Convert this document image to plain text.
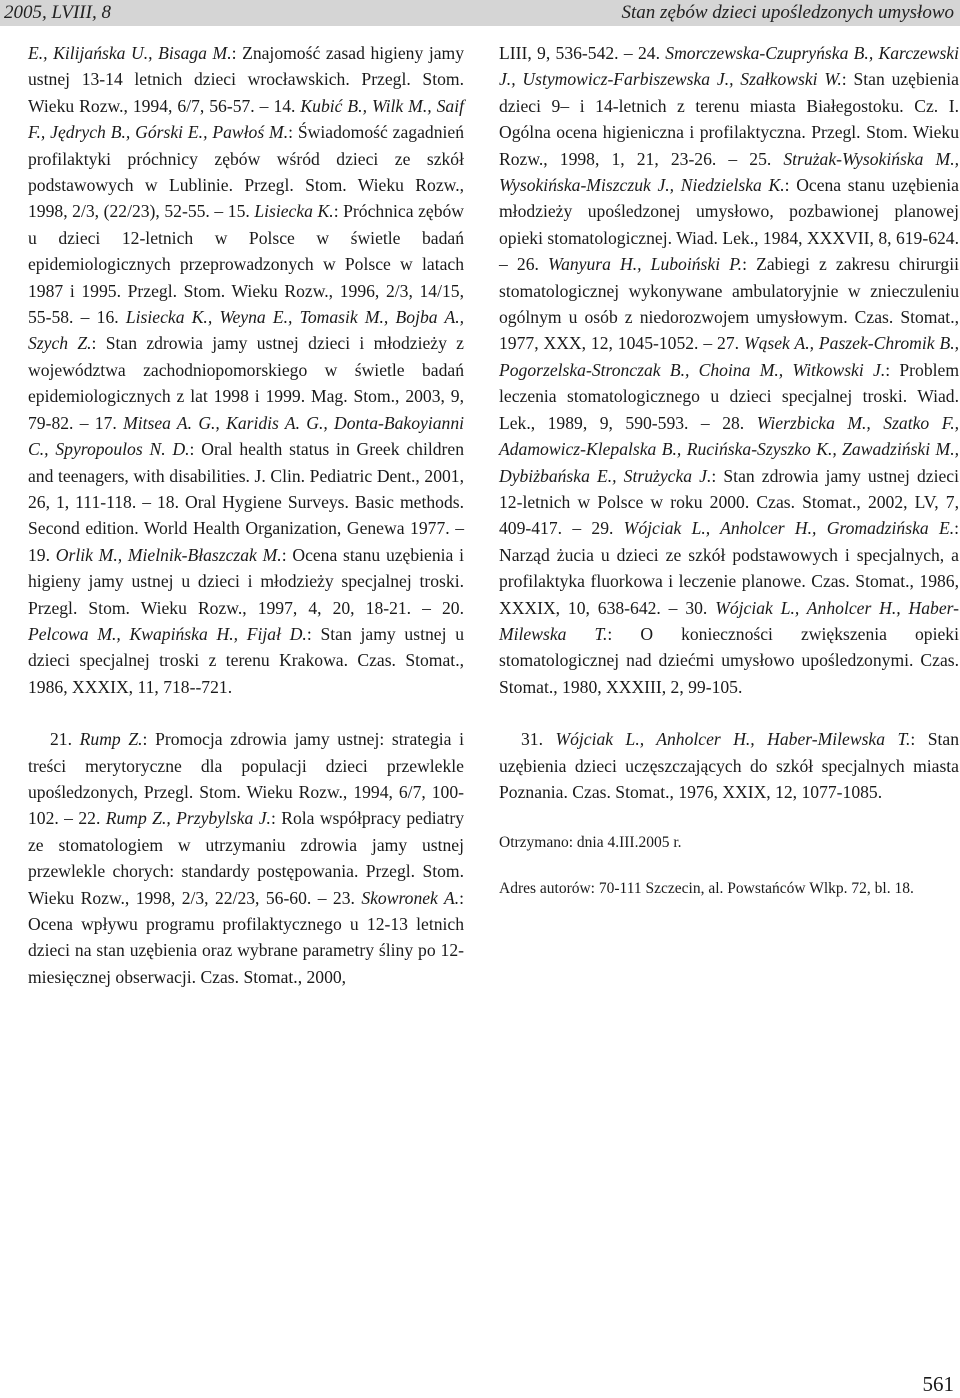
2005, LVIII, 8	Stan zębów dzieci upośledzonych umysłowo

E., Kilijańska U., Bisaga M.: Znajomość zasad higieny jamy ustnej 13-14 letnich dzieci wrocławskich. Przegl. Stom. Wieku Rozw., 1994, 6/7, 56-57. – 14. Kubić B., Wilk M., Saif F., Jędrych B., Górski E., Pawłoś M.: Świadomość zagadnień profilaktyki próchnicy zębów wśród dzieci ze szkół podstawowych w Lublinie. Przegl. Stom. Wieku Rozw., 1998, 2/3, (22/23), 52-55. – 15. Lisiecka K.: Próchnica zębów u dzieci 12-letnich w Polsce w świetle badań epidemiologicznych przeprowadzonych w Polsce w latach 1987 i 1995. Przegl. Stom. Wieku Rozw., 1996, 2/3, 14/15, 55-58. – 16. Lisiecka K., Weyna E., Tomasik M., Bojba A., Szych Z.: Stan zdrowia jamy ustnej dzieci i młodzieży z województwa zachodniopomorskiego w świetle badań epidemiologicznych z lat 1998 i 1999. Mag. Stom., 2003, 9, 79-82. – 17. Mitsea A. G., Karidis A. G., Donta-Bakoyianni C., Spyropoulos N. D.: Oral health status in Greek children and teenagers, with disabilities. J. Clin. Pediatric Dent., 2001, 26, 1, 111-118. – 18. Oral Hygiene Surveys. Basic methods. Second edition. World Health Organization, Genewa 1977. – 19. Orlik M., Mielnik-Błaszczak M.: Ocena stanu uzębienia i higieny jamy ustnej u dzieci i młodzieży specjalnej troski. Przegl. Stom. Wieku Rozw., 1997, 4, 20, 18-21. – 20. Pelcowa M., Kwapińska H., Fijał D.: Stan jamy ustnej u dzieci specjalnej troski z terenu Krakowa. Czas. Stomat., 1986, XXXIX, 11, 718--721.

21. Rump Z.: Promocja zdrowia jamy ustnej: strategia i treści merytoryczne dla populacji dzieci przewlekle upośledzonych, Przegl. Stom. Wieku Rozw., 1994, 6/7, 100-102. – 22. Rump Z., Przybylska J.: Rola współpracy pediatry ze stomatologiem w utrzymaniu zdrowia jamy ustnej przewlekle chorych: standardy postępowania. Przegl. Stom. Wieku Rozw., 1998, 2/3, 22/23, 56-60. – 23. Skowronek A.: Ocena wpływu programu profilaktycznego u 12-13 letnich dzieci na stan uzębienia oraz wybrane parametry śliny po 12-miesięcznej obserwacji. Czas. Stomat., 2000,

LIII, 9, 536-542. – 24. Smorczewska-Czupryńska B., Karczewski J., Ustymowicz-Farbiszewska J., Szałkowski W.: Stan uzębienia dzieci 9– i 14-letnich z terenu miasta Białegostoku. Cz. I. Ogólna ocena higieniczna i profilaktyczna. Przegl. Stom. Wieku Rozw., 1998, 1, 21, 23-26. – 25. Strużak-Wysokińska M., Wysokińska-Miszczuk J., Niedzielska K.: Ocena stanu uzębienia młodzieży upośledzonej umysłowo, pozbawionej planowej opieki stomatologicznej. Wiad. Lek., 1984, XXXVII, 8, 619-624. – 26. Wanyura H., Luboiński P.: Zabiegi z zakresu chirurgii stomatologicznej wykonywane ambulatoryjnie w znieczuleniu ogólnym u osób z niedorozwojem umysłowym. Czas. Stomat., 1977, XXX, 12, 1045-1052. – 27. Wąsek A., Paszek-Chromik B., Pogorzelska-Stronczak B., Choina M., Witkowski J.: Problem leczenia stomatologicznego u dzieci specjalnej troski. Wiad. Lek., 1989, 9, 590-593. – 28. Wierzbicka M., Szatko F., Adamowicz-Klepalska B., Rucińska-Szyszko K., Zawadziński M., Dybiżbańska E., Strużycka J.: Stan zdrowia jamy ustnej dzieci 12-letnich w Polsce w roku 2000. Czas. Stomat., 2002, LV, 7, 409-417. – 29. Wójciak L., Anholcer H., Gromadzińska E.: Narząd żucia u dzieci ze szkół podstawowych i specjalnych, a profilaktyka fluorkowa i leczenie planowe. Czas. Stomat., 1986, XXXIX, 10, 638-642. – 30. Wójciak L., Anholcer H., Haber-Milewska T.: O konieczności zwiększenia opieki stomatologicznej nad dziećmi umysłowo upośledzonymi. Czas. Stomat., 1980, XXXIII, 2, 99-105.

31. Wójciak L., Anholcer H., Haber-Milewska T.: Stan uzębienia dzieci uczęszczających do szkół specjalnych miasta Poznania. Czas. Stomat., 1976, XXIX, 12, 1077-1085.

Otrzymano: dnia 4.III.2005 r.

Adres autorów: 70-111 Szczecin, al. Powstańców Wlkp. 72, bl. 18.

561
